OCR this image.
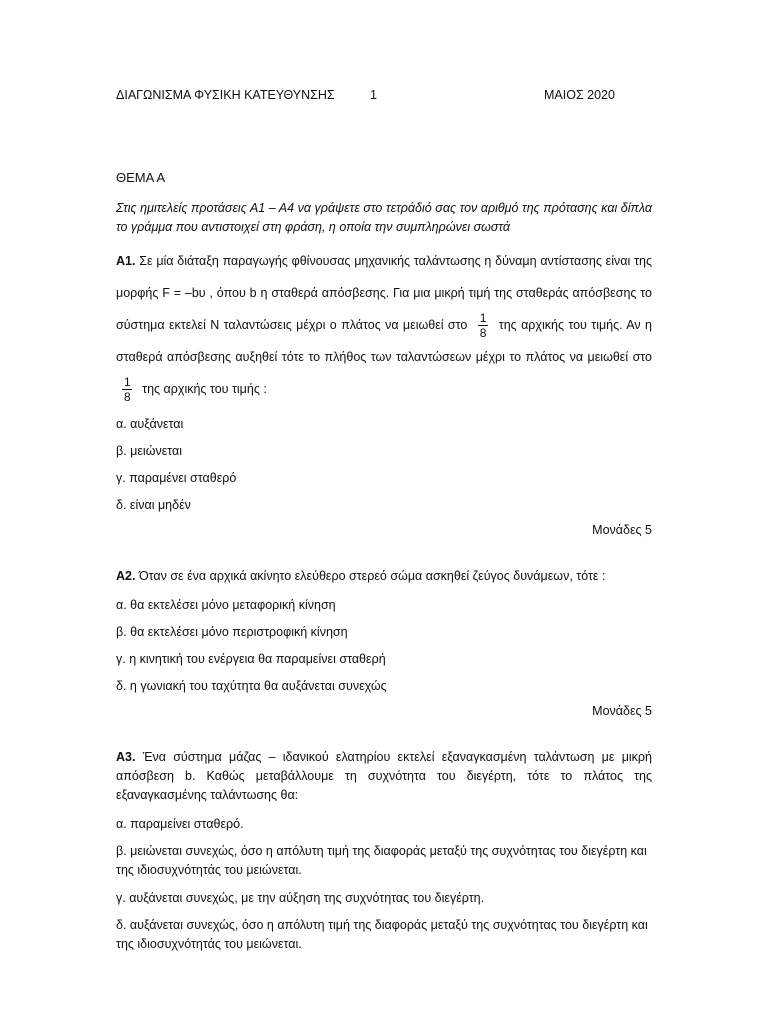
ΔΙΑΓΩΝΙΣΜΑ ΦΥΣΙΚΗ ΚΑΤΕΥΘΥΝΣΗΣ	1	ΜΑΙΟΣ 2020
ΘΕΜΑ Α
Στις ημιτελείς προτάσεις Α1 – Α4 να γράψετε στο τετράδιό σας τον αριθμό της πρότασης και δίπλα το γράμμα που αντιστοιχεί στη φράση, η οποία την συμπληρώνει σωστά
Α1. Σε μία διάταξη παραγωγής φθίνουσας μηχανικής ταλάντωσης η δύναμη αντίστασης είναι της μορφής F = –bυ , όπου b η σταθερά απόσβεσης. Για μια μικρή τιμή της σταθεράς απόσβεσης το σύστημα εκτελεί Ν ταλαντώσεις μέχρι ο πλάτος να μειωθεί στο $\frac{1}{8}$ της αρχικής του τιμής. Αν η σταθερά απόσβεσης αυξηθεί τότε το πλήθος των ταλαντώσεων μέχρι το πλάτος να μειωθεί στο
$\frac{1}{8}$ της αρχικής του τιμής :
α. αυξάνεται
β. μειώνεται
γ. παραμένει σταθερό
δ. είναι μηδέν
Μονάδες 5
Α2. Όταν σε ένα αρχικά ακίνητο ελεύθερο στερεό σώμα ασκηθεί ζεύγος δυνάμεων, τότε :
α. θα εκτελέσει μόνο μεταφορική κίνηση
β. θα εκτελέσει μόνο περιστροφική κίνηση
γ. η κινητική του ενέργεια θα παραμείνει σταθερή
δ. η γωνιακή του ταχύτητα θα αυξάνεται συνεχώς
Μονάδες 5
Α3. Ένα σύστημα μάζας – ιδανικού ελατηρίου εκτελεί εξαναγκασμένη ταλάντωση με μικρή απόσβεση b. Καθώς μεταβάλλουμε τη συχνότητα του διεγέρτη, τότε το πλάτος της εξαναγκασμένης ταλάντωσης θα:
α. παραμείνει σταθερό.
β. μειώνεται συνεχώς, όσο η απόλυτη τιμή της διαφοράς μεταξύ της συχνότητας του διεγέρτη και της ιδιοσυχνότητάς του μειώνεται.
γ. αυξάνεται συνεχώς, με την αύξηση της συχνότητας του διεγέρτη.
δ. αυξάνεται συνεχώς, όσο η απόλυτη τιμή της διαφοράς μεταξύ της συχνότητας του διεγέρτη και της ιδιοσυχνότητάς του μειώνεται.
